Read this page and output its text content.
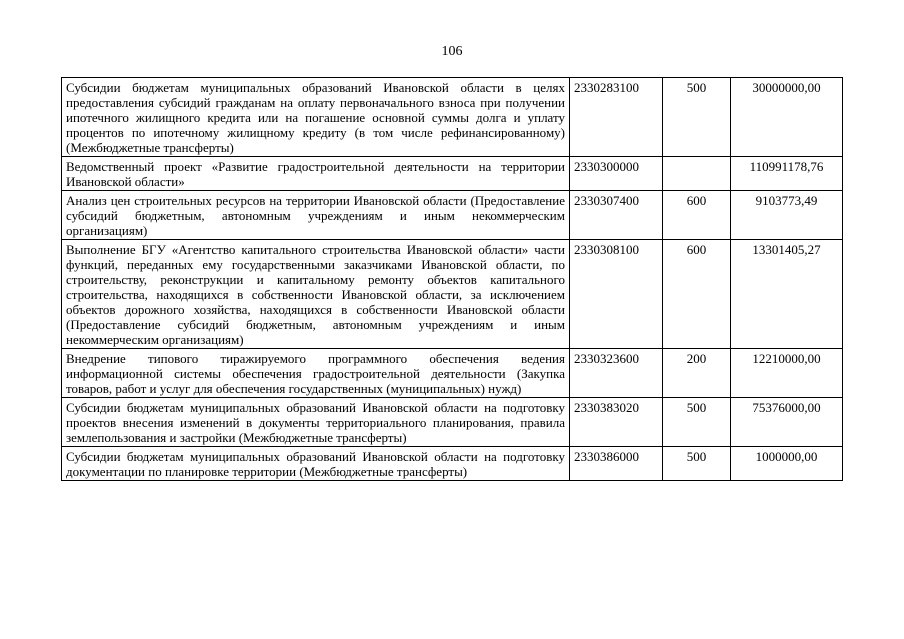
106
Субсидии бюджетам муниципальных образований Ивановской области в целях предоставления субсидий гражданам на оплату первоначального взноса при получении ипотечного жилищного кредита или на погашение основной суммы долга и уплату процентов по ипотечному жилищному кредиту (в том числе рефинансированному) (Межбюджетные трансферты)	2330283100	500	30000000,00
Ведомственный проект «Развитие градостроительной деятельности на территории Ивановской области»	2330300000		110991178,76
Анализ цен строительных ресурсов на территории Ивановской области (Предоставление субсидий бюджетным, автономным учреждениям и иным некоммерческим организациям)	2330307400	600	9103773,49
Выполнение БГУ «Агентство капитального строительства Ивановской области» части функций, переданных ему государственными заказчиками Ивановской области, по строительству, реконструкции и капитальному ремонту объектов капитального строительства, находящихся в собственности Ивановской области, за исключением объектов дорожного хозяйства, находящихся в собственности Ивановской области (Предоставление субсидий бюджетным, автономным учреждениям и иным некоммерческим организациям)	2330308100	600	13301405,27
Внедрение типового тиражируемого программного обеспечения ведения информационной системы обеспечения градостроительной деятельности (Закупка товаров, работ и услуг для обеспечения государственных (муниципальных) нужд)	2330323600	200	12210000,00
Субсидии бюджетам муниципальных образований Ивановской области на подготовку проектов внесения изменений в документы территориального планирования, правила землепользования и застройки (Межбюджетные трансферты)	2330383020	500	75376000,00
Субсидии бюджетам муниципальных образований Ивановской области на подготовку документации по планировке территории (Межбюджетные трансферты)	2330386000	500	1000000,00
